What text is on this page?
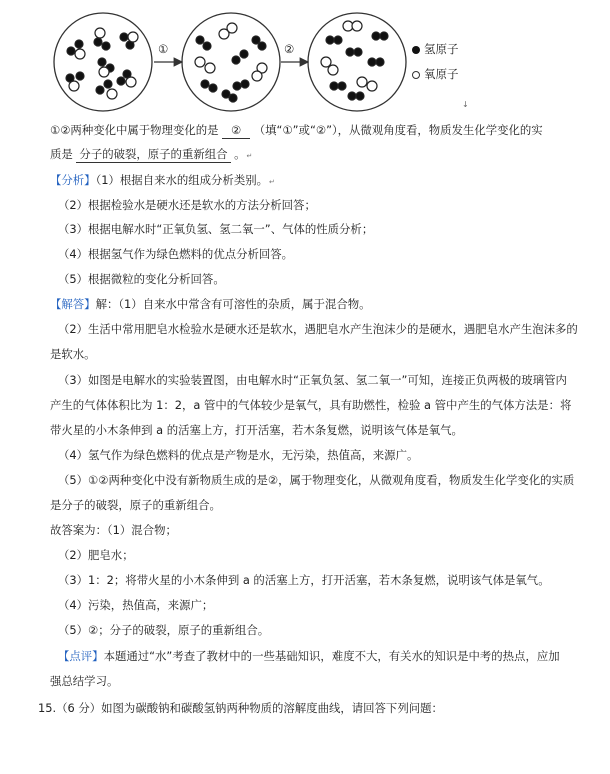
①	②	氢原子
氧原子
↓
①②两种变化中属于物理变化的是 ② （填“①”或“②”），从微观角度看，物质发生化学变化的实
质是 分子的破裂，原子的重新组合 。↵
【分析】（1）根据自来水的组成分析类别。↵
（2）根据检验水是硬水还是软水的方法分析回答；
（3）根据电解水时“正氧负氢、氢二氧一”、气体的性质分析；
（4）根据氢气作为绿色燃料的优点分析回答。
（5）根据微粒的变化分析回答。
【解答】解：（1）自来水中常含有可溶性的杂质，属于混合物。
（2）生活中常用肥皂水检验水是硬水还是软水，遇肥皂水产生泡沫少的是硬水，遇肥皂水产生泡沫多的
是软水。
（3）如图是电解水的实验装置图，由电解水时“正氧负氢、氢二氧一”可知，连接正负两极的玻璃管内
产生的气体体积比为 1：2，a 管中的气体较少是氧气，具有助燃性，检验 a 管中产生的气体方法是：将
带火星的小木条伸到 a 的活塞上方，打开活塞，若木条复燃，说明该气体是氧气。
（4）氢气作为绿色燃料的优点是产物是水，无污染，热值高，来源广。
（5）①②两种变化中没有新物质生成的是②，属于物理变化，从微观角度看，物质发生化学变化的实质
是分子的破裂，原子的重新组合。
故答案为：（1）混合物；
（2）肥皂水；
（3）1：2；将带火星的小木条伸到 a 的活塞上方，打开活塞，若木条复燃，说明该气体是氧气。
（4）污染，热值高，来源广；
（5）②；分子的破裂，原子的重新组合。
【点评】本题通过“水”考查了教材中的一些基础知识，难度不大，有关水的知识是中考的热点，应加
强总结学习。
15.（6 分）如图为碳酸钠和碳酸氢钠两种物质的溶解度曲线，请回答下列问题：
